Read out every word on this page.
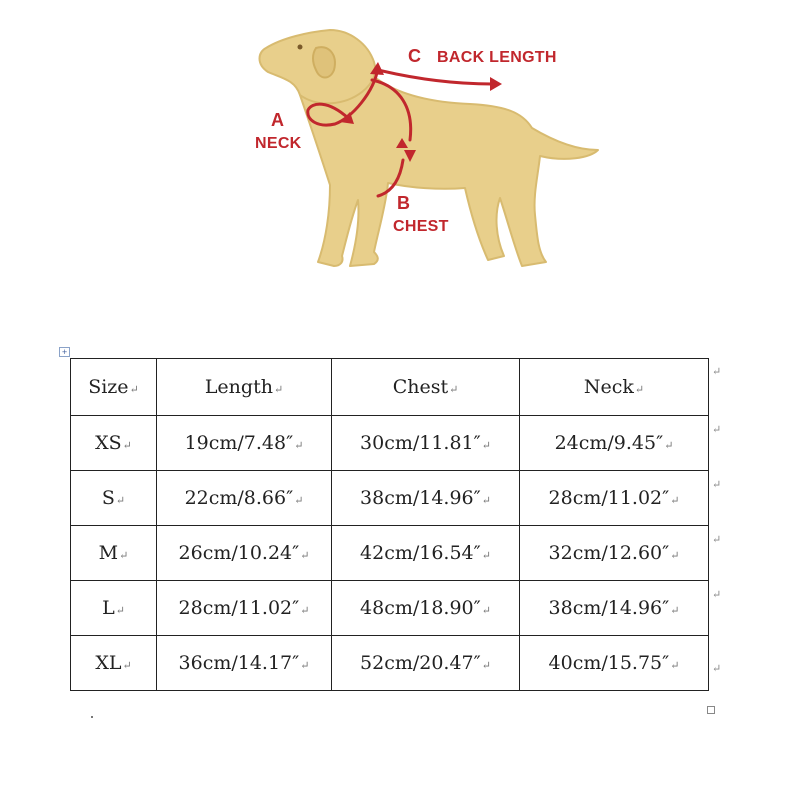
C BACK LENGTH
A
NECK
B
CHEST
+
Size↵	Length↵	Chest↵	Neck↵
XS↵	19cm/7.48″↵	30cm/11.81″↵	24cm/9.45″↵
S↵	22cm/8.66″↵	38cm/14.96″↵	28cm/11.02″↵
M↵	26cm/10.24″↵	42cm/16.54″↵	32cm/12.60″↵
L↵	28cm/11.02″↵	48cm/18.90″↵	38cm/14.96″↵
XL↵	36cm/14.17″↵	52cm/20.47″↵	40cm/15.75″↵
↵
↵
↵
↵
↵
↵
